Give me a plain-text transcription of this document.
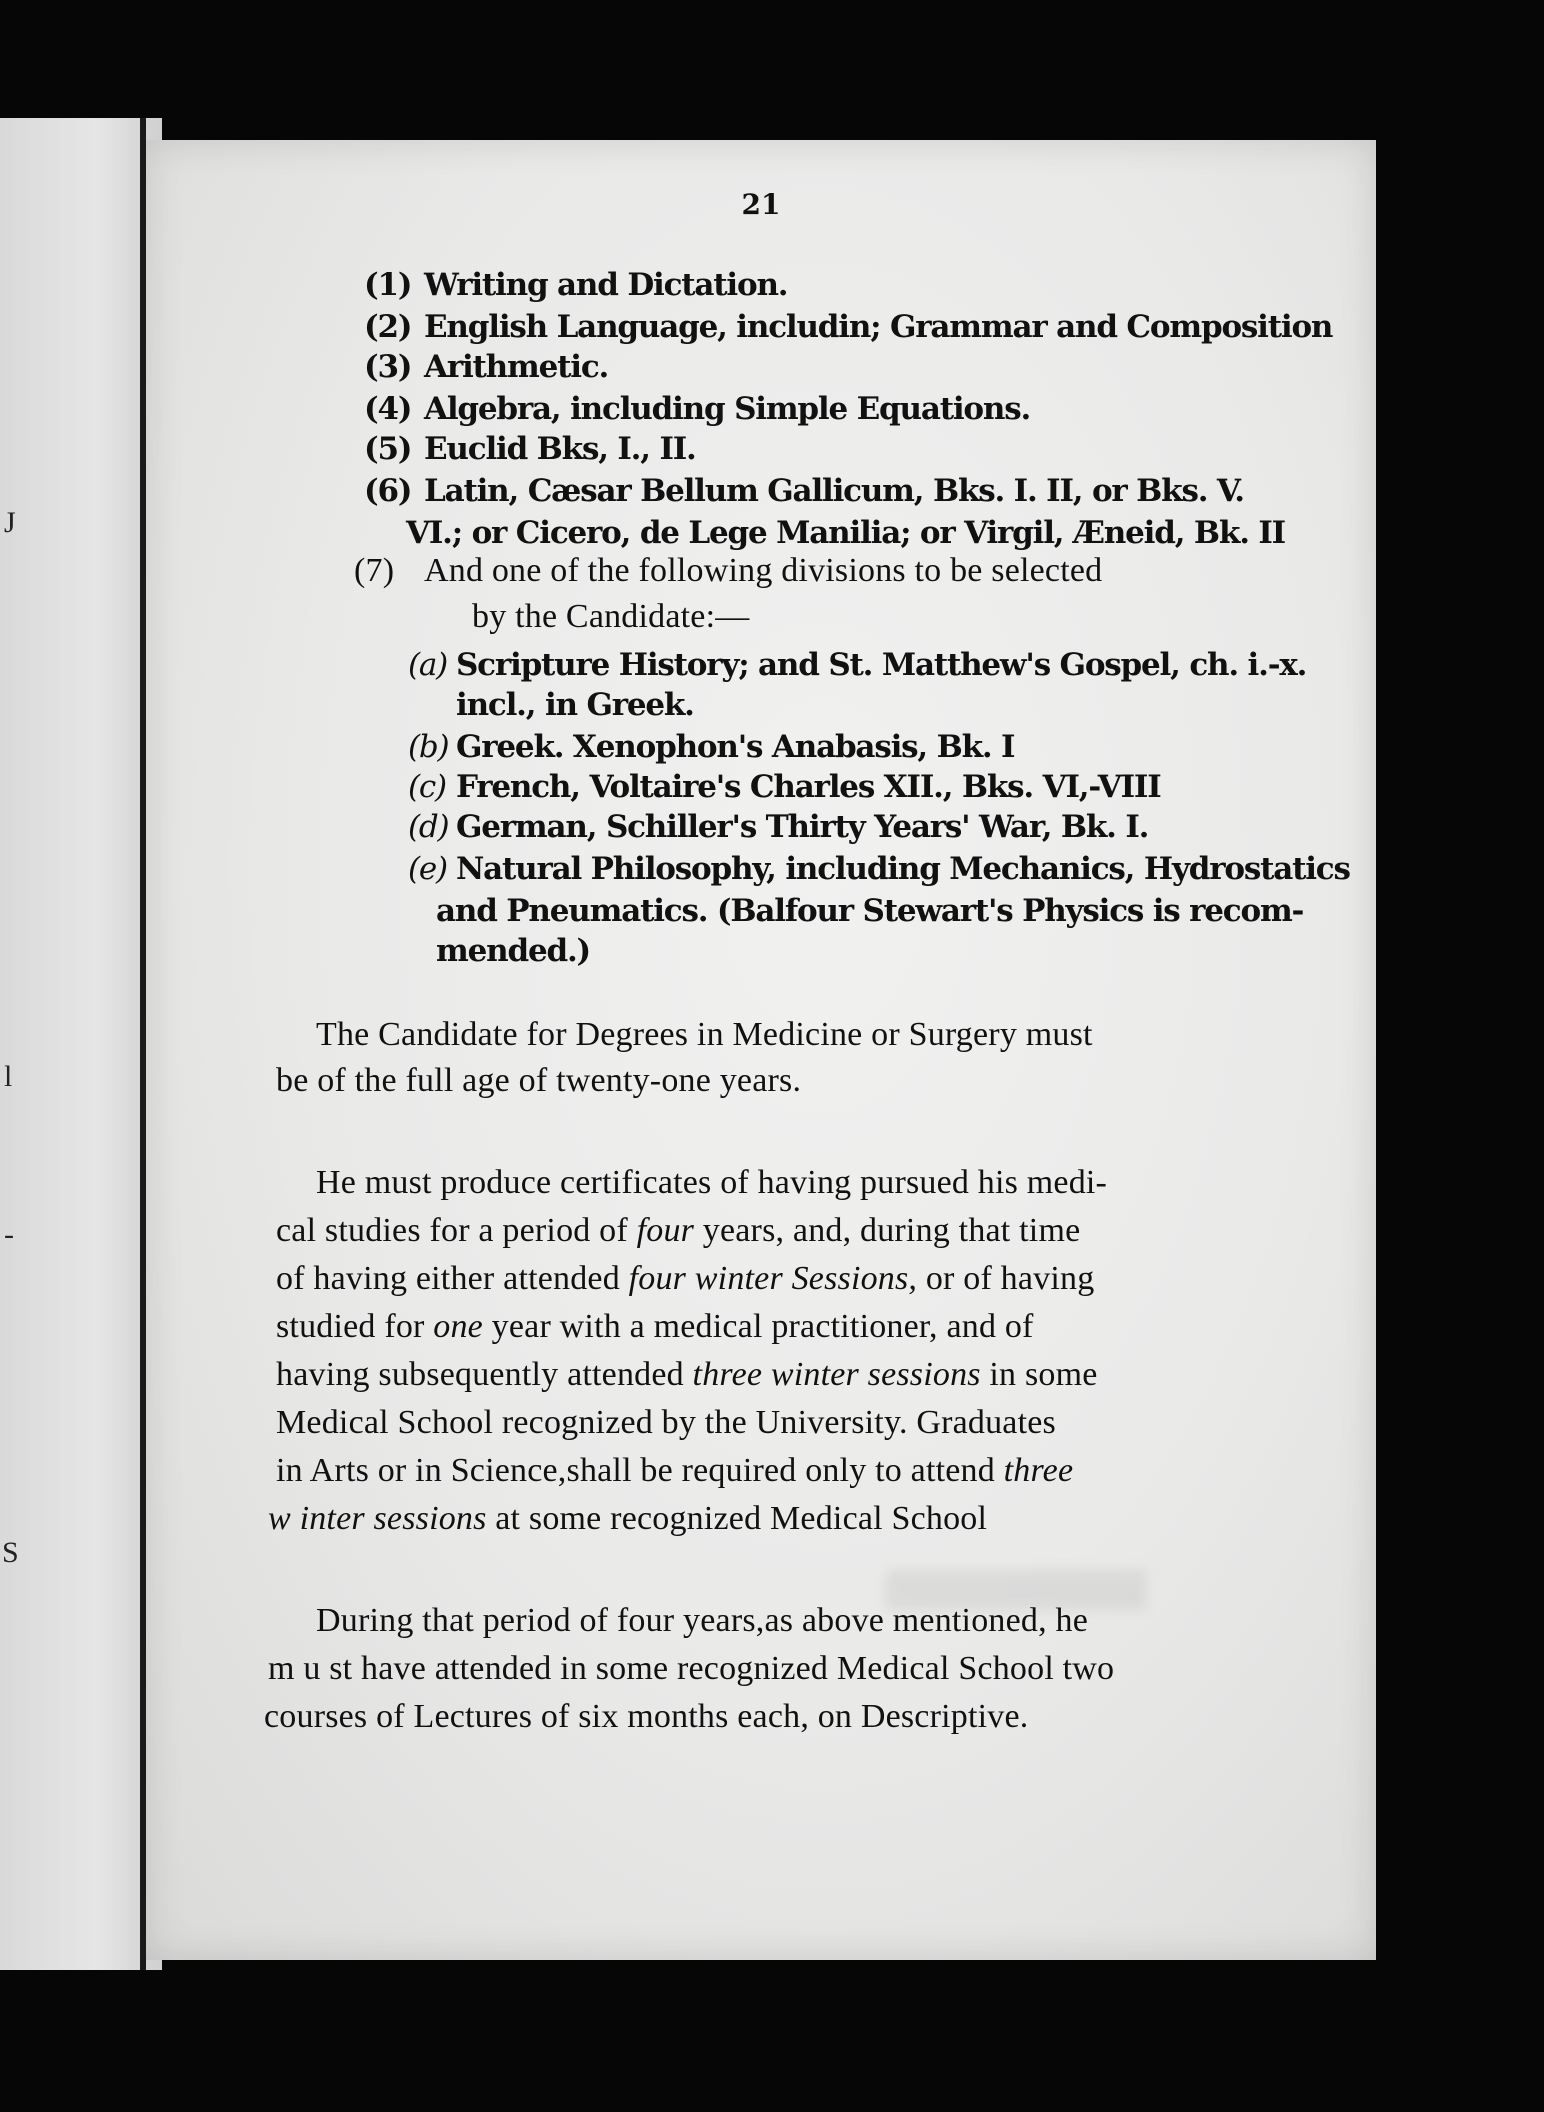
J
l
-
S
21
(1) Writing and Dictation.
(2) English Language, includin; Grammar and Composition
(3) Arithmetic.
(4) Algebra, including Simple Equations.
(5) Euclid Bks, I., II.
(6) Latin, Cæsar Bellum Gallicum, Bks. I. II, or Bks. V.
VI.; or Cicero, de Lege Manilia; or Virgil, Æneid, Bk. II
(7) And one of the following divisions to be selected
by the Candidate:—
(a) Scripture History; and St. Matthew's Gospel, ch. i.-x.
incl., in Greek.
(b) Greek. Xenophon's Anabasis, Bk. I
(c) French, Voltaire's Charles XII., Bks. VI,-VIII
(d) German, Schiller's Thirty Years' War, Bk. I.
(e) Natural Philosophy, including Mechanics, Hydrostatics
and Pneumatics. (Balfour Stewart's Physics is recom-
mended.)
The Candidate for Degrees in Medicine or Surgery must
be of the full age of twenty-one years.
He must produce certificates of having pursued his medi-
cal studies for a period of four years, and, during that time
of having either attended four winter Sessions, or of having
studied for one year with a medical practitioner, and of
having subsequently attended three winter sessions in some
Medical School recognized by the University. Graduates
in Arts or in Science,shall be required only to attend three
w inter sessions at some recognized Medical School
During that period of four years,as above mentioned, he
m u st have attended in some recognized Medical School two
courses of Lectures of six months each, on Descriptive.
